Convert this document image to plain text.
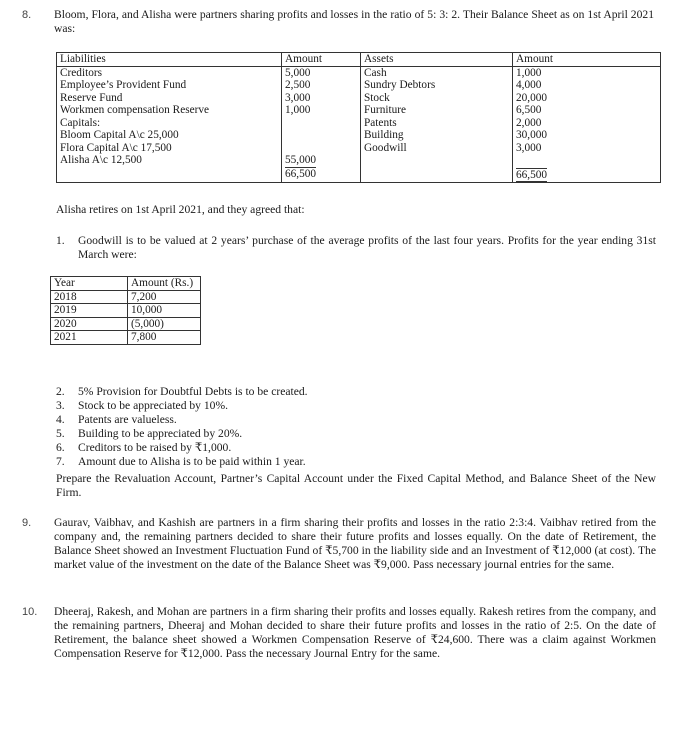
8. Bloom, Flora, and Alisha were partners sharing profits and losses in the ratio of 5: 3: 2. Their Balance Sheet as on 1st April 2021 was:
Liabilities	Amount	Assets	Amount
Creditors	5,000	Cash	1,000
Employee’s Provident Fund	2,500	Sundry Debtors	4,000
Reserve Fund	3,000	Stock	20,000
Workmen compensation Reserve	1,000	Furniture	6,500
Capitals:		Patents	2,000
Bloom Capital A\c 25,000		Building	30,000
Flora Capital A\c 17,500		Goodwill	3,000
Alisha A\c 12,500	55,000		
	66,500		66,500
Alisha retires on 1st April 2021, and they agreed that:
1.	Goodwill is to be valued at 2 years’ purchase of the average profits of the last four years. Profits for the year ending 31st March were:
Year	Amount (Rs.)
2018	7,200
2019	10,000
2020	(5,000)
2021	7,800
2.	5% Provision for Doubtful Debts is to be created.
3.	Stock to be appreciated by 10%.
4.	Patents are valueless.
5.	Building to be appreciated by 20%.
6.	Creditors to be raised by ₹1,000.
7.	Amount due to Alisha is to be paid within 1 year.
Prepare the Revaluation Account, Partner’s Capital Account under the Fixed Capital Method, and Balance Sheet of the New Firm.
9. Gaurav, Vaibhav, and Kashish are partners in a firm sharing their profits and losses in the ratio 2:3:4. Vaibhav retired from the company and, the remaining partners decided to share their future profits and losses equally. On the date of Retirement, the Balance Sheet showed an Investment Fluctuation Fund of ₹5,700 in the liability side and an Investment of ₹12,000 (at cost). The market value of the investment on the date of the Balance Sheet was ₹9,000. Pass necessary journal entries for the same.
10. Dheeraj, Rakesh, and Mohan are partners in a firm sharing their profits and losses equally. Rakesh retires from the company, and the remaining partners, Dheeraj and Mohan decided to share their future profits and losses in the ratio of 2:5. On the date of Retirement, the balance sheet showed a Workmen Compensation Reserve of ₹24,600. There was a claim against Workmen Compensation Reserve for ₹12,000. Pass the necessary Journal Entry for the same.
